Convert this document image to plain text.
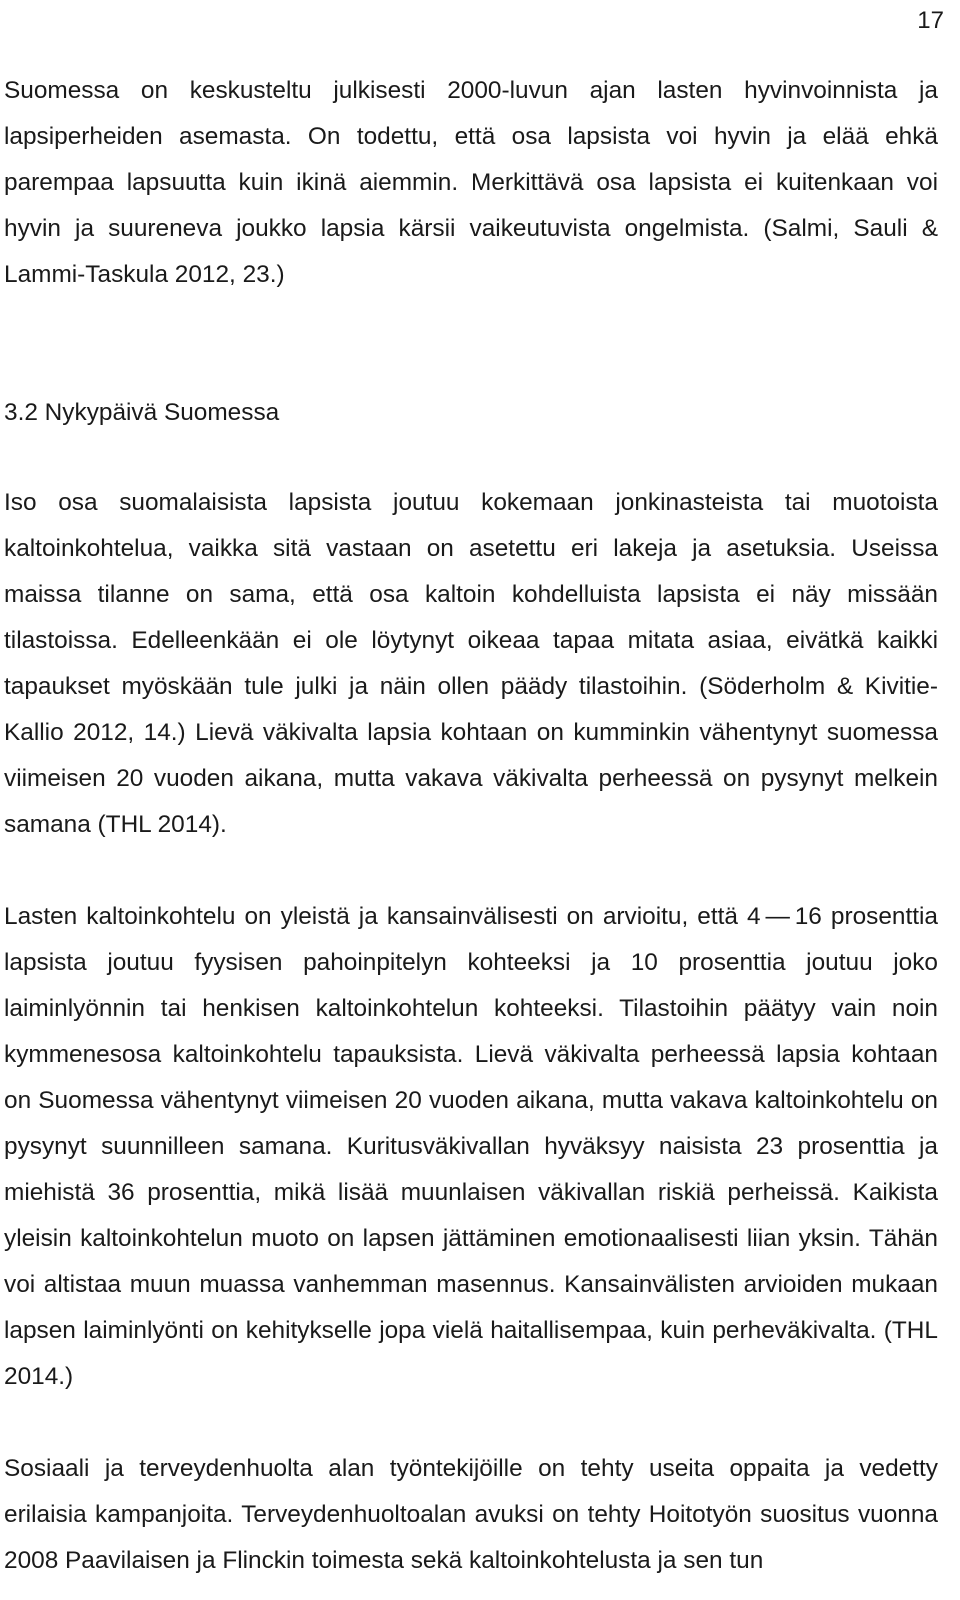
17

Suomessa on keskusteltu julkisesti 2000-luvun ajan lasten hyvinvoinnista ja lapsiperheiden asemasta. On todettu, että osa lapsista voi hyvin ja elää ehkä parempaa lapsuutta kuin ikinä aiemmin. Merkittävä osa lapsista ei kuitenkaan voi hyvin ja suureneva joukko lapsia kärsii vaikeutuvista ongelmista. (Salmi, Sauli & Lammi-Taskula 2012, 23.)

3.2 Nykypäivä Suomessa

Iso osa suomalaisista lapsista joutuu kokemaan jonkinasteista tai muotoista kaltoinkohtelua, vaikka sitä vastaan on asetettu eri lakeja ja asetuksia. Useissa maissa tilanne on sama, että osa kaltoin kohdelluista lapsista ei näy missään tilastoissa. Edelleenkään ei ole löytynyt oikeaa tapaa mitata asiaa, eivätkä kaikki tapaukset myöskään tule julki ja näin ollen päädy tilastoihin. (Söderholm & Kivitie-Kallio 2012, 14.) Lievä väkivalta lapsia kohtaan on kumminkin vähentynyt suomessa viimeisen 20 vuoden aikana, mutta vakava väkivalta perheessä on pysynyt melkein samana (THL 2014).

Lasten kaltoinkohtelu on yleistä ja kansainvälisesti on arvioitu, että 4 — 16 prosenttia lapsista joutuu fyysisen pahoinpitelyn kohteeksi ja 10 prosenttia joutuu joko laiminlyönnin tai henkisen kaltoinkohtelun kohteeksi. Tilastoihin päätyy vain noin kymmenesosa kaltoinkohtelu tapauksista. Lievä väkivalta perheessä lapsia kohtaan on Suomessa vähentynyt viimeisen 20 vuoden aikana, mutta vakava kaltoinkohtelu on pysynyt suunnilleen samana. Kuritusväkivallan hyväksyy naisista 23 prosenttia ja miehistä 36 prosenttia, mikä lisää muunlaisen väkivallan riskiä perheissä. Kaikista yleisin kaltoinkohtelun muoto on lapsen jättäminen emotionaalisesti liian yksin. Tähän voi altistaa muun muassa vanhemman masennus. Kansainvälisten arvioiden mukaan lapsen laiminlyönti on kehitykselle jopa vielä haitallisempaa, kuin perheväkivalta. (THL 2014.)

Sosiaali ja terveydenhuolta alan työntekijöille on tehty useita oppaita ja vedetty erilaisia kampanjoita. Terveydenhuoltoalan avuksi on tehty Hoitotyön suositus vuonna 2008 Paavilaisen ja Flinckin toimesta sekä kaltoinkohtelusta ja sen tun
